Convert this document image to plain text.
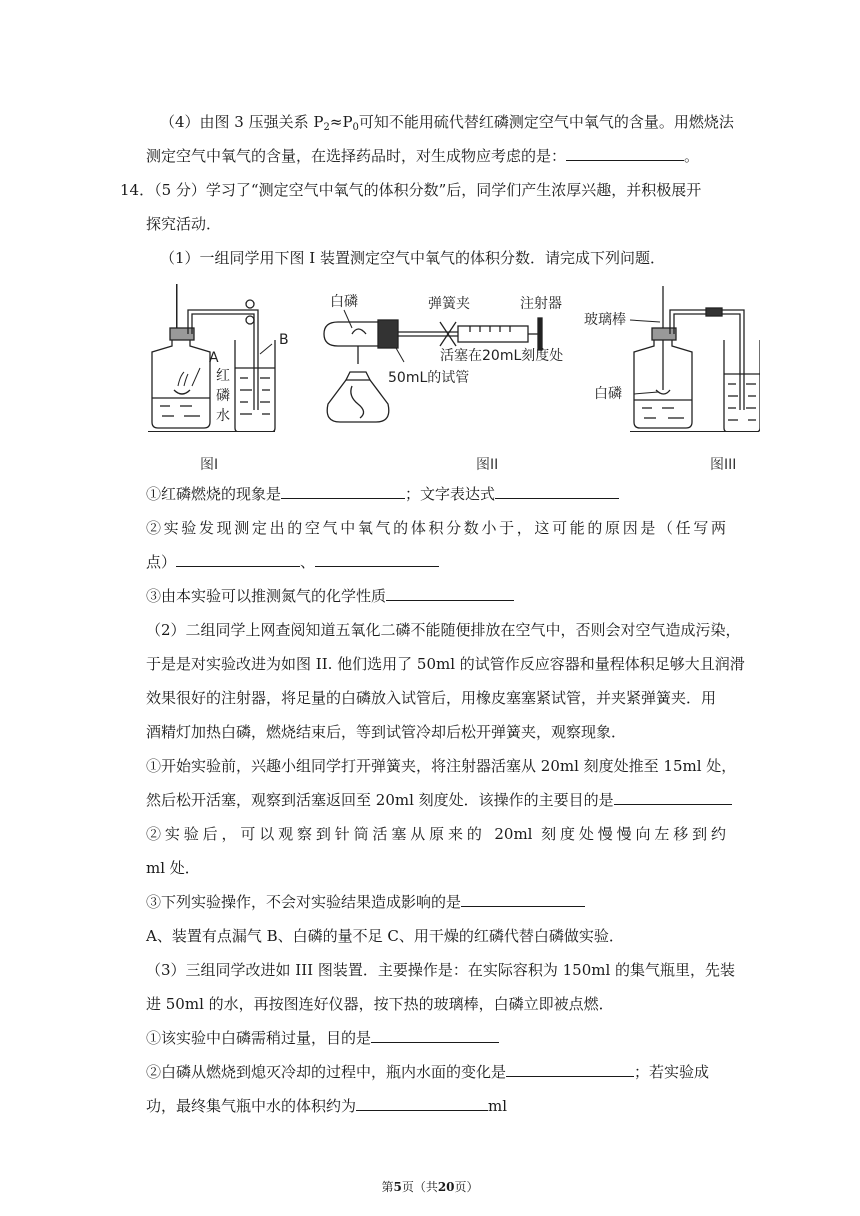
（4）由图 3 压强关系 $P_2\approx P_0$可知不能用硫代替红磷测定空气中氧气的含量。用燃烧法
测定空气中氧气的含量，在选择药品时，对生成物应考虑的是：	。
14．（5 分）学习了“测定空气中氧气的体积分数”后，同学们产生浓厚兴趣，并积极展开
探究活动．
（1）一组同学用下图 I 装置测定空气中氧气的体积分数．请完成下列问题．
A
B
红
磷
水
白磷	弹簧夹	注射器
活塞在20mL刻度处
50mL的试管
玻璃棒
白磷
图I	图II	图III
①红磷燃烧的现象是	；文字表达式
②实验发现测定出的空气中氧气的体积分数小于，这可能的原因是（任写两
点）	、
③由本实验可以推测氮气的化学性质
（2）二组同学上网查阅知道五氧化二磷不能随便排放在空气中，否则会对空气造成污染，
于是是对实验改进为如图 II. 他们选用了 50ml 的试管作反应容器和量程体积足够大且润滑
效果很好的注射器，将足量的白磷放入试管后，用橡皮塞塞紧试管，并夹紧弹簧夹．用
酒精灯加热白磷，燃烧结束后，等到试管冷却后松开弹簧夹，观察现象．
①开始实验前，兴趣小组同学打开弹簧夹，将注射器活塞从 20ml 刻度处推至 15ml 处，
然后松开活塞，观察到活塞返回至 20ml 刻度处．该操作的主要目的是
②实验后，可以观察到针筒活塞从原来的 20ml 刻度处慢慢向左移到约
ml 处．
③下列实验操作，不会对实验结果造成影响的是
A、装置有点漏气 B、白磷的量不足 C、用干燥的红磷代替白磷做实验．
（3）三组同学改进如 III 图装置．主要操作是：在实际容积为 150ml 的集气瓶里，先装
进 50ml 的水，再按图连好仪器，按下热的玻璃棒，白磷立即被点燃．
①该实验中白磷需稍过量，目的是
②白磷从燃烧到熄灭冷却的过程中，瓶内水面的变化是	；若实验成
功，最终集气瓶中水的体积约为	ml
第5页（共20页）
